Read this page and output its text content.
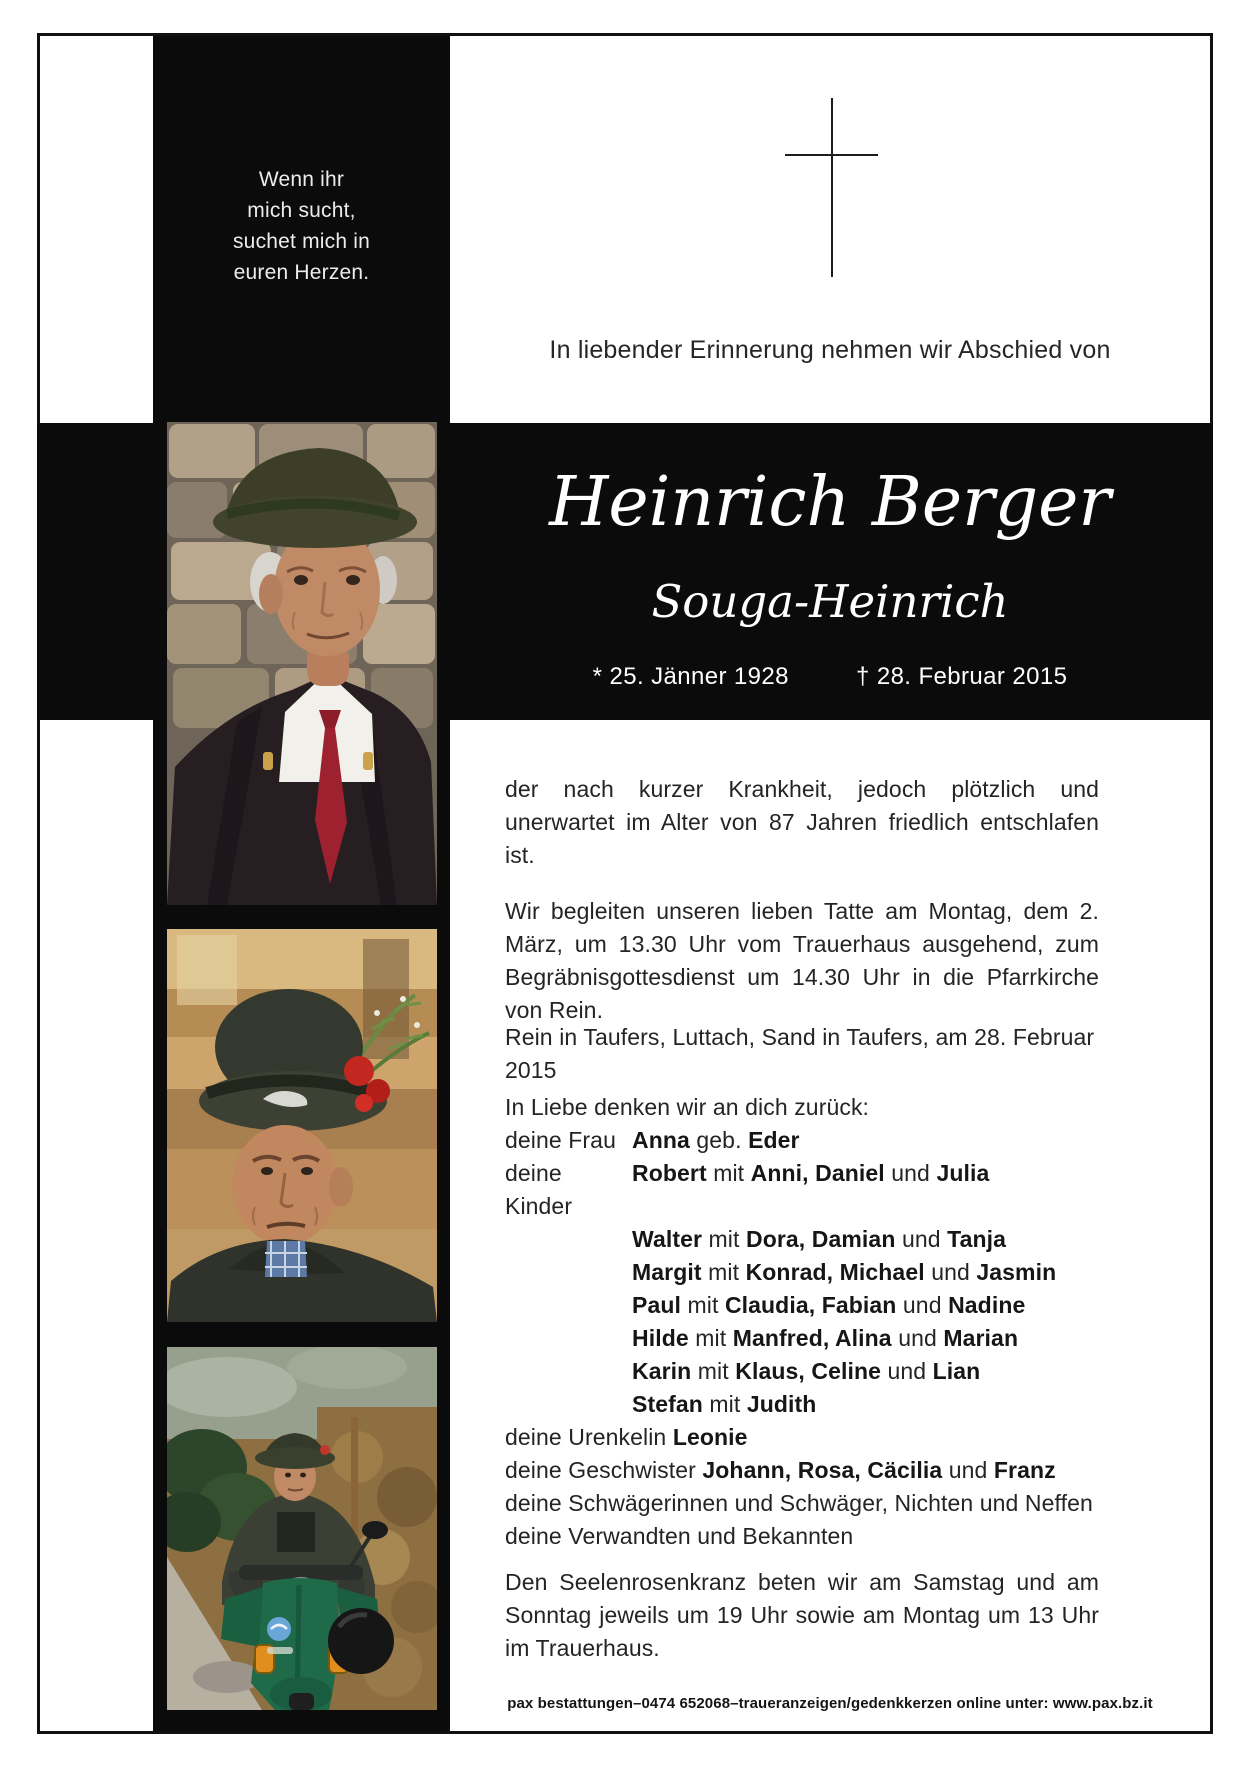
In liebender Erinnerung nehmen wir Abschied von
Heinrich Berger
Souga-Heinrich
* 25. Jänner 1928	† 28. Februar 2015
Wenn ihr
mich sucht,
suchet mich in
euren Herzen.
der nach kurzer Krankheit, jedoch plötzlich und unerwartet im Alter von 87 Jahren friedlich entschlafen ist.
Wir begleiten unseren lieben Tatte am Montag, dem 2. März, um 13.30 Uhr vom Trauerhaus ausgehend, zum Begräbnisgottesdienst um 14.30 Uhr in die Pfarrkirche von Rein.
Rein in Taufers, Luttach, Sand in Taufers, am 28. Februar 2015
In Liebe denken wir an dich zurück:
deine Frau Anna geb. Eder
deine Kinder
Robert mit Anni, Daniel und Julia
Walter mit Dora, Damian und Tanja
Margit mit Konrad, Michael und Jasmin
Paul mit Claudia, Fabian und Nadine
Hilde mit Manfred, Alina und Marian
Karin mit Klaus, Celine und Lian
Stefan mit Judith
deine Urenkelin Leonie
deine Geschwister Johann, Rosa, Cäcilia und Franz
deine Schwägerinnen und Schwäger, Nichten und Neffen
deine Verwandten und Bekannten
Den Seelenrosenkranz beten wir am Samstag und am Sonntag jeweils um 19 Uhr sowie am Montag um 13 Uhr im Trauerhaus.
pax bestattungen–0474 652068–traueranzeigen/gedenkkerzen online unter: www.pax.bz.it
